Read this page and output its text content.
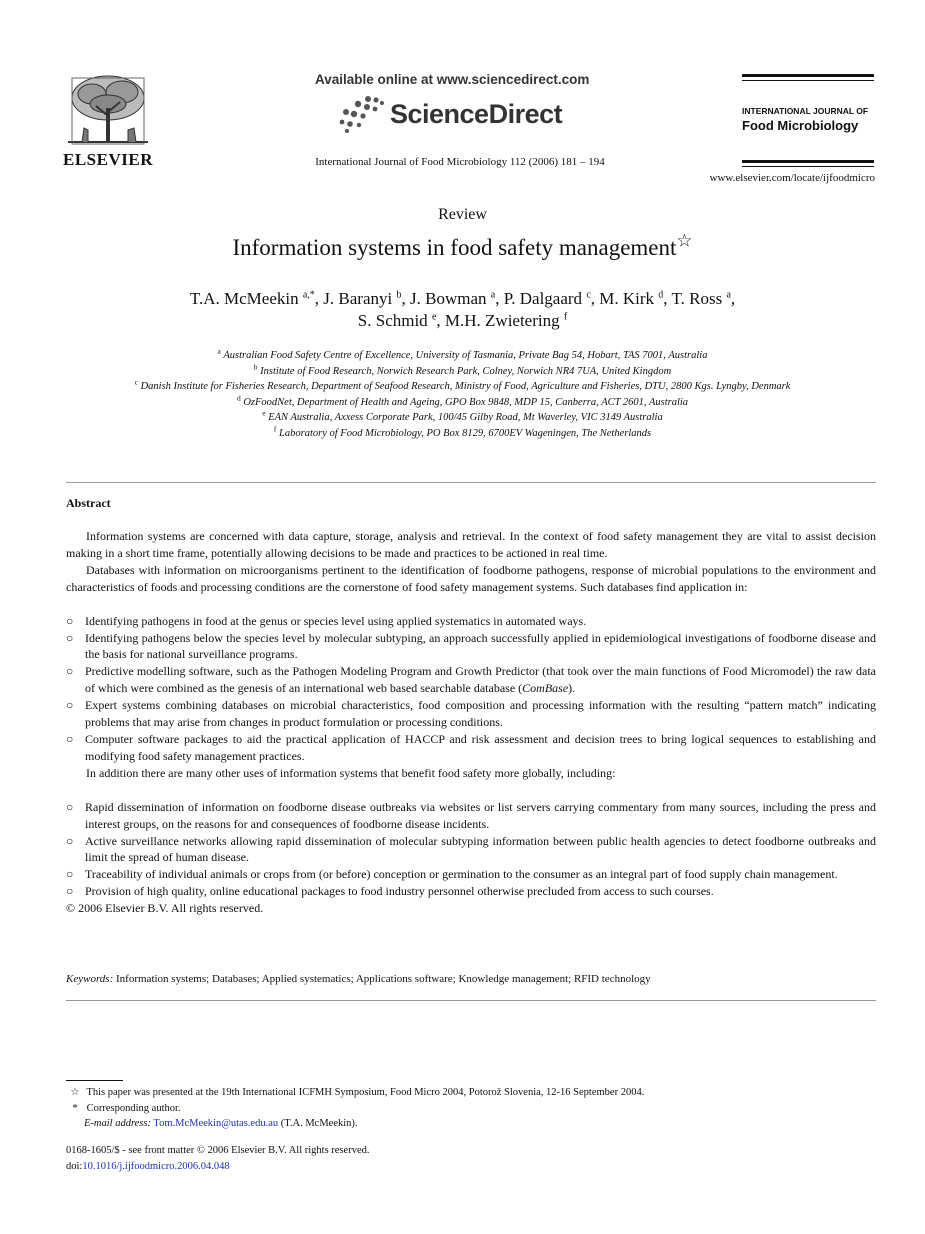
ELSEVIER
Available online at www.sciencedirect.com
ScienceDirect
International Journal of Food Microbiology 112 (2006) 181 – 194
INTERNATIONAL JOURNAL OF
Food Microbiology
www.elsevier.com/locate/ijfoodmicro
Review
Information systems in food safety management☆
T.A. McMeekin $^{a,*}$, J. Baranyi $^b$, J. Bowman $^a$, P. Dalgaard $^c$, M. Kirk $^d$, T. Ross $^a$,
S. Schmid $^e$, M.H. Zwietering $^f$
$^a$ Australian Food Safety Centre of Excellence, University of Tasmania, Private Bag 54, Hobart, TAS 7001, Australia
$^b$ Institute of Food Research, Norwich Research Park, Colney, Norwich NR4 7UA, United Kingdom
$^c$ Danish Institute for Fisheries Research, Department of Seafood Research, Ministry of Food, Agriculture and Fisheries, DTU, 2800 Kgs. Lyngby, Denmark
$^d$ OzFoodNet, Department of Health and Ageing, GPO Box 9848, MDP 15, Canberra, ACT 2601, Australia
$^e$ EAN Australia, Axxess Corporate Park, 100/45 Gilby Road, Mt Waverley, VIC 3149 Australia
$^f$ Laboratory of Food Microbiology, PO Box 8129, 6700EV Wageningen, The Netherlands
Abstract

Information systems are concerned with data capture, storage, analysis and retrieval. In the context of food safety management they are vital to assist decision making in a short time frame, potentially allowing decisions to be made and practices to be actioned in real time.

Databases with information on microorganisms pertinent to the identification of foodborne pathogens, response of microbial populations to the environment and characteristics of foods and processing conditions are the cornerstone of food safety management systems. Such databases find application in:

○ Identifying pathogens in food at the genus or species level using applied systematics in automated ways.
○ Identifying pathogens below the species level by molecular subtyping, an approach successfully applied in epidemiological investigations of foodborne disease and the basis for national surveillance programs.
○ Predictive modelling software, such as the Pathogen Modeling Program and Growth Predictor (that took over the main functions of Food Micromodel) the raw data of which were combined as the genesis of an international web based searchable database (ComBase).
○ Expert systems combining databases on microbial characteristics, food composition and processing information with the resulting “pattern match” indicating problems that may arise from changes in product formulation or processing conditions.
○ Computer software packages to aid the practical application of HACCP and risk assessment and decision trees to bring logical sequences to establishing and modifying food safety management practices.

In addition there are many other uses of information systems that benefit food safety more globally, including:

○ Rapid dissemination of information on foodborne disease outbreaks via websites or list servers carrying commentary from many sources, including the press and interest groups, on the reasons for and consequences of foodborne disease incidents.
○ Active surveillance networks allowing rapid dissemination of molecular subtyping information between public health agencies to detect foodborne outbreaks and limit the spread of human disease.
○ Traceability of individual animals or crops from (or before) conception or germination to the consumer as an integral part of food supply chain management.
○ Provision of high quality, online educational packages to food industry personnel otherwise precluded from access to such courses.

© 2006 Elsevier B.V. All rights reserved.

Keywords: Information systems; Databases; Applied systematics; Applications software; Knowledge management; RFID technology
☆ This paper was presented at the 19th International ICFMH Symposium, Food Micro 2004, Potorož Slovenia, 12-16 September 2004.
* Corresponding author.
E-mail address: Tom.McMeekin@utas.edu.au (T.A. McMeekin).
0168-1605/$ - see front matter © 2006 Elsevier B.V. All rights reserved.
doi:10.1016/j.ijfoodmicro.2006.04.048
